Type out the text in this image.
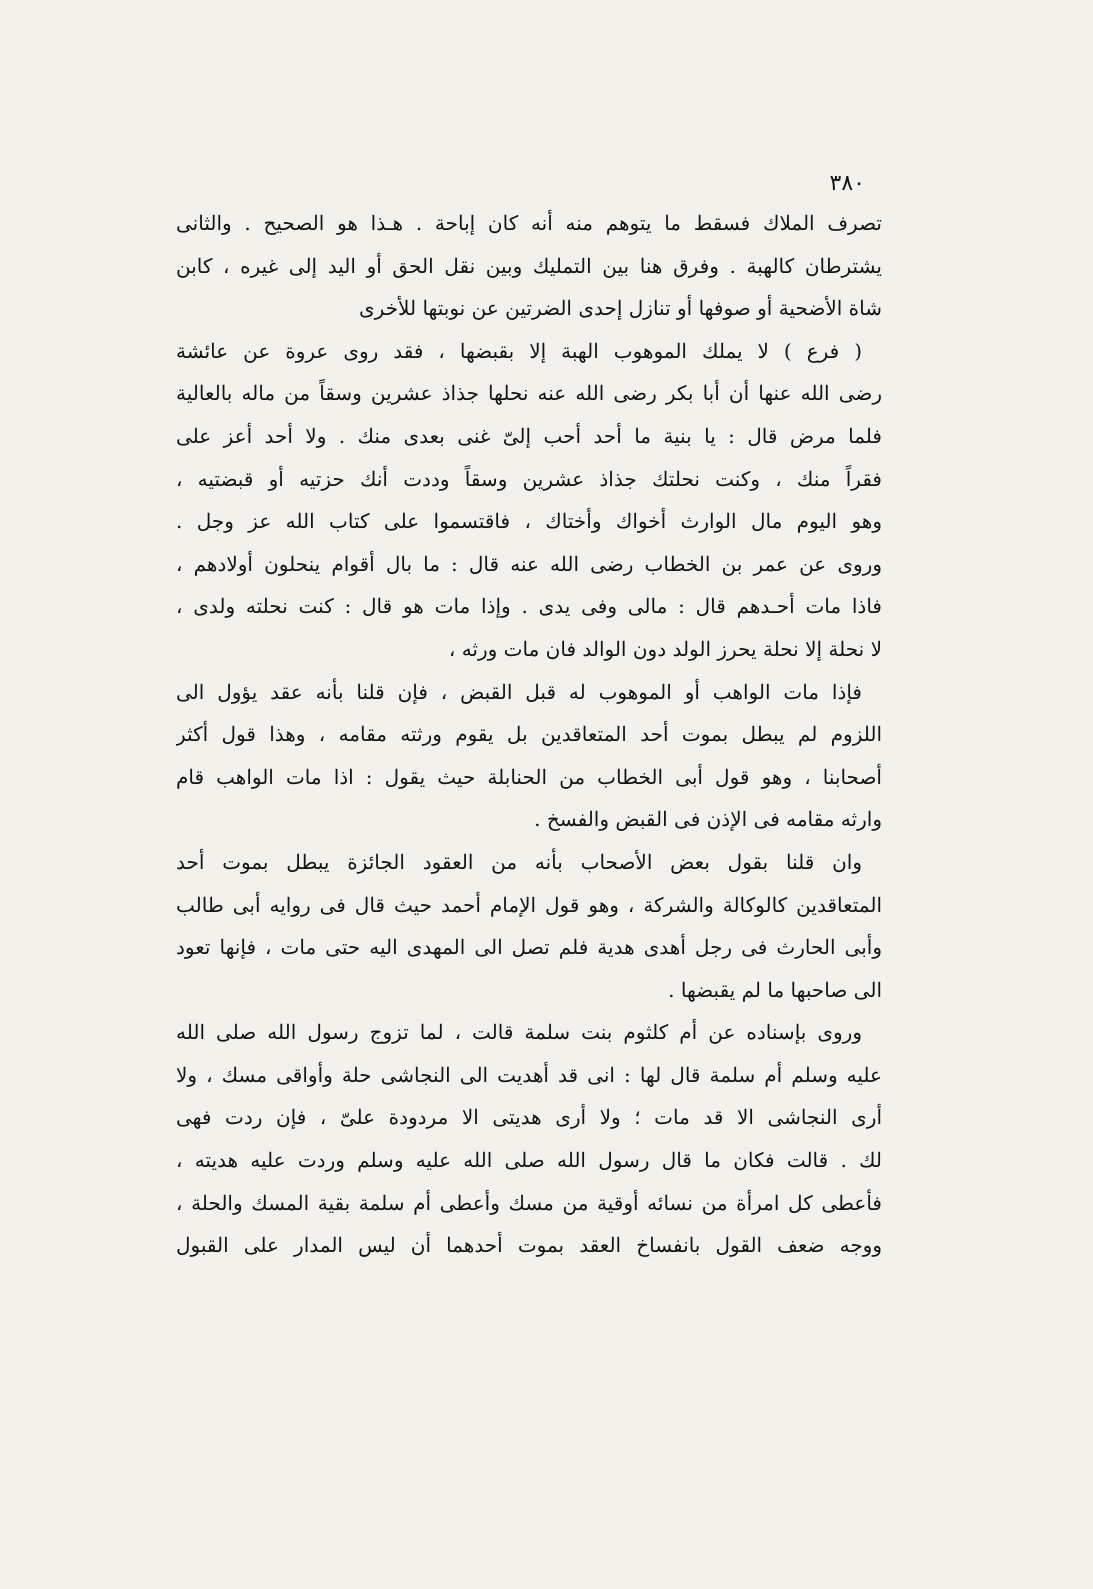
٣٨٠
تصرف الملاك فسقط ما يتوهم منه أنه كان إباحة . هـذا هو الصحيح . والثانى
يشترطان كالهبة . وفرق هنا بين التمليك وبين نقل الحق أو اليد إلى غيره ، كابن
شاة الأضحية أو صوفها أو تنازل إحدى الضرتين عن نوبتها للأخرى
( فرع ) لا يملك الموهوب الهبة إلا بقبضها ، فقد روى عروة عن عائشة
رضى الله عنها أن أبا بكر رضى الله عنه نحلها جذاذ عشرين وسقاً من ماله بالعالية
فلما مرض قال : يا بنية ما أحد أحب إلىّ غنى بعدى منك . ولا أحد أعز على
فقراً منك ، وكنت نحلتك جذاذ عشرين وسقاً وددت أنك حزتيه أو قبضتيه ،
وهو اليوم مال الوارث أخواك وأختاك ، فاقتسموا على كتاب الله عز وجل .
وروى عن عمر بن الخطاب رضى الله عنه قال : ما بال أقوام ينحلون أولادهم ،
فاذا مات أحـدهم قال : مالى وفى يدى . وإذا مات هو قال : كنت نحلته ولدى ،
لا نحلة إلا نحلة يحرز الولد دون الوالد فان مات ورثه ،
فإذا مات الواهب أو الموهوب له قبل القبض ، فإن قلنا بأنه عقد يؤول الى
اللزوم لم يبطل بموت أحد المتعاقدين بل يقوم ورثته مقامه ، وهذا قول أكثر
أصحابنا ، وهو قول أبى الخطاب من الحنابلة حيث يقول : اذا مات الواهب قام
وارثه مقامه فى الإذن فى القبض والفسخ .
وان قلنا بقول بعض الأصحاب بأنه من العقود الجائزة يبطل بموت أحد
المتعاقدين كالوكالة والشركة ، وهو قول الإمام أحمد حيث قال فى روايه أبى طالب
وأبى الحارث فى رجل أهدى هدية فلم تصل الى المهدى اليه حتى مات ، فإنها تعود
الى صاحبها ما لم يقبضها .
وروى بإسناده عن أم كلثوم بنت سلمة قالت ، لما تزوج رسول الله صلى الله
عليه وسلم أم سلمة قال لها : انى قد أهديت الى النجاشى حلة وأواقى مسك ، ولا
أرى النجاشى الا قد مات ؛ ولا أرى هديتى الا مردودة علىّ ، فإن ردت فهى
لك . قالت فكان ما قال رسول الله صلى الله عليه وسلم وردت عليه هديته ،
فأعطى كل امرأة من نسائه أوقية من مسك وأعطى أم سلمة بقية المسك والحلة ،
ووجه ضعف القول بانفساخ العقد بموت أحدهما أن ليس المدار على القبول
